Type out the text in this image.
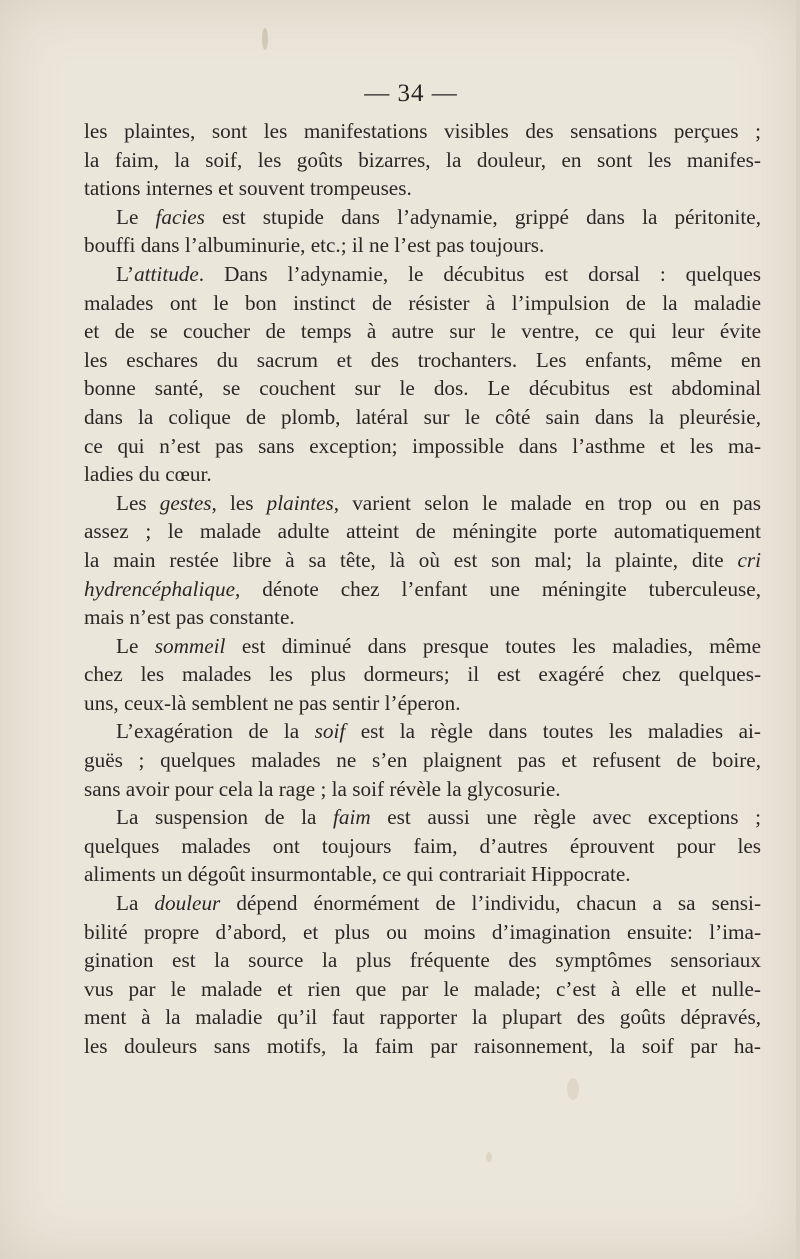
— 34 —
les plaintes, sont les manifestations visibles des sensations perçues ;
la faim, la soif, les goûts bizarres, la douleur, en sont les manifes-
tations internes et souvent trompeuses.
Le facies est stupide dans l’adynamie, grippé dans la péritonite,
bouffi dans l’albuminurie, etc.; il ne l’est pas toujours.
L’attitude. Dans l’adynamie, le décubitus est dorsal : quelques
malades ont le bon instinct de résister à l’impulsion de la maladie
et de se coucher de temps à autre sur le ventre, ce qui leur évite
les eschares du sacrum et des trochanters. Les enfants, même en
bonne santé, se couchent sur le dos. Le décubitus est abdominal
dans la colique de plomb, latéral sur le côté sain dans la pleurésie,
ce qui n’est pas sans exception; impossible dans l’asthme et les ma-
ladies du cœur.
Les gestes, les plaintes, varient selon le malade en trop ou en pas
assez ; le malade adulte atteint de méningite porte automatiquement
la main restée libre à sa tête, là où est son mal; la plainte, dite cri
hydrencéphalique, dénote chez l’enfant une méningite tuberculeuse,
mais n’est pas constante.
Le sommeil est diminué dans presque toutes les maladies, même
chez les malades les plus dormeurs; il est exagéré chez quelques-
uns, ceux-là semblent ne pas sentir l’éperon.
L’exagération de la soif est la règle dans toutes les maladies ai-
guës ; quelques malades ne s’en plaignent pas et refusent de boire,
sans avoir pour cela la rage ; la soif révèle la glycosurie.
La suspension de la faim est aussi une règle avec exceptions ;
quelques malades ont toujours faim, d’autres éprouvent pour les
aliments un dégoût insurmontable, ce qui contrariait Hippocrate.
La douleur dépend énormément de l’individu, chacun a sa sensi-
bilité propre d’abord, et plus ou moins d’imagination ensuite: l’ima-
gination est la source la plus fréquente des symptômes sensoriaux
vus par le malade et rien que par le malade; c’est à elle et nulle-
ment à la maladie qu’il faut rapporter la plupart des goûts dépravés,
les douleurs sans motifs, la faim par raisonnement, la soif par ha-
